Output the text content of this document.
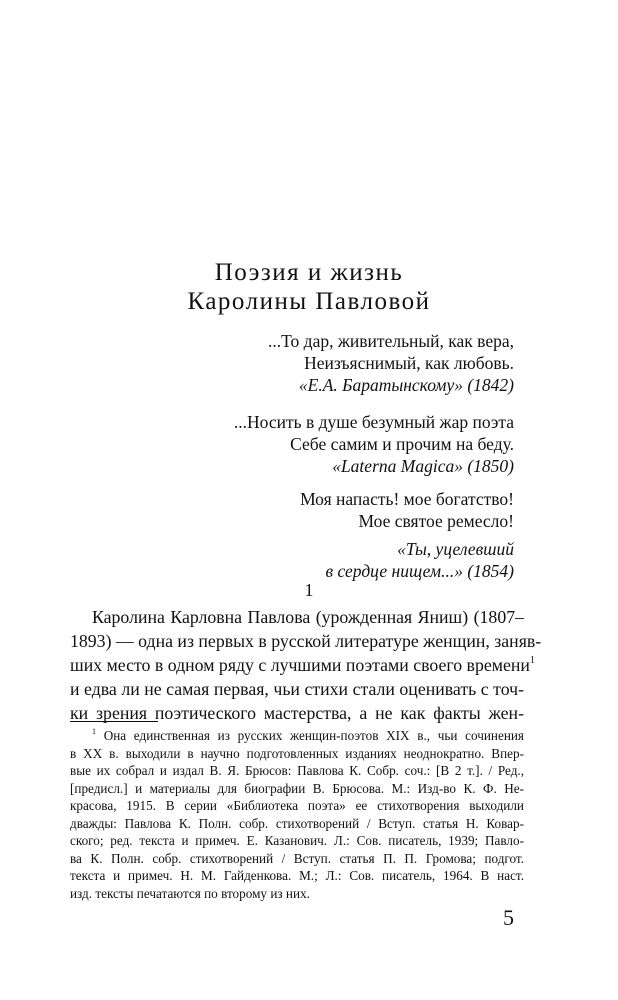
Поэзия и жизнь
Каролины Павловой
...То дар, живительный, как вера,
Неизъяснимый, как любовь.
«Е.А. Баратынскому» (1842)
...Носить в душе безумный жар поэта
Себе самим и прочим на беду.
«Laterna Magica» (1850)
Моя напасть! мое богатство!
Мое святое ремесло!
«Ты, уцелевший
в сердце нищем...» (1854)
1
Каролина Карловна Павлова (урожденная Яниш) (1807–
1893) — одна из первых в русской литературе женщин, заняв-
ших место в одном ряду с лучшими поэтами своего времени$^1$
и едва ли не самая первая, чьи стихи стали оценивать с точ-
ки зрения поэтического мастерства, а не как факты жен-
$^1$ Она единственная из русских женщин-поэтов XIX в., чьи сочинения
в XX в. выходили в научно подготовленных изданиях неоднократно. Впер-
вые их собрал и издал В. Я. Брюсов: Павлова К. Собр. соч.: [В 2 т.]. / Ред.,
[предисл.] и материалы для биографии В. Брюсова. М.: Изд-во К. Ф. Не-
красова, 1915. В серии «Библиотека поэта» ее стихотворения выходили
дважды: Павлова К. Полн. собр. стихотворений / Вступ. статья Н. Ковар-
ского; ред. текста и примеч. Е. Казанович. Л.: Сов. писатель, 1939; Павло-
ва К. Полн. собр. стихотворений / Вступ. статья П. П. Громова; подгот.
текста и примеч. Н. М. Гайденкова. М.; Л.: Сов. писатель, 1964. В наст.
изд. тексты печатаются по второму из них.
5
